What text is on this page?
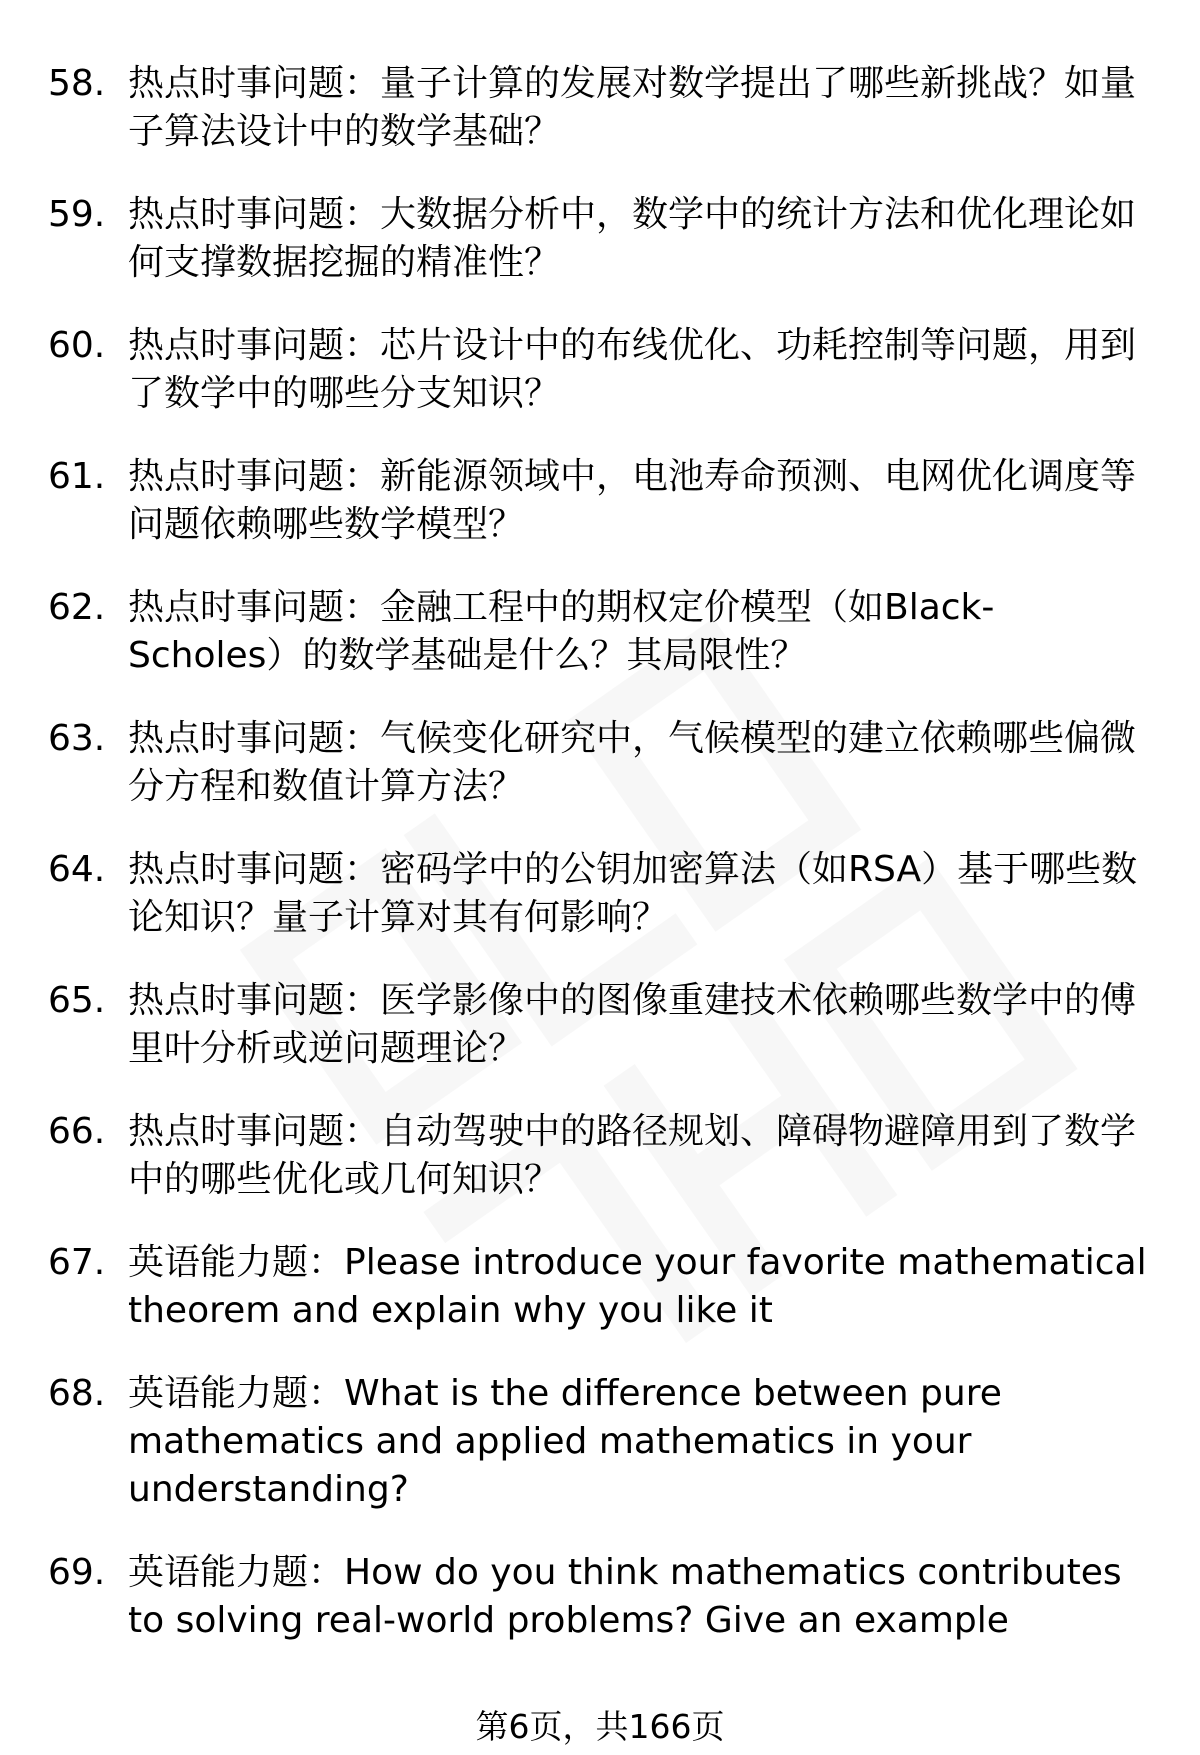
58. 热点时事问题：量子计算的发展对数学提出了哪些新挑战？如量子算法设计中的数学基础？
59. 热点时事问题：大数据分析中，数学中的统计方法和优化理论如何支撑数据挖掘的精准性？
60. 热点时事问题：芯片设计中的布线优化、功耗控制等问题，用到了数学中的哪些分支知识？
61. 热点时事问题：新能源领域中，电池寿命预测、电网优化调度等问题依赖哪些数学模型？
62. 热点时事问题：金融工程中的期权定价模型（如Black-Scholes）的数学基础是什么？其局限性？
63. 热点时事问题：气候变化研究中，气候模型的建立依赖哪些偏微分方程和数值计算方法？
64. 热点时事问题：密码学中的公钥加密算法（如RSA）基于哪些数论知识？量子计算对其有何影响？
65. 热点时事问题：医学影像中的图像重建技术依赖哪些数学中的傅里叶分析或逆问题理论？
66. 热点时事问题：自动驾驶中的路径规划、障碍物避障用到了数学中的哪些优化或几何知识？
67. 英语能力题：Please introduce your favorite mathematical theorem and explain why you like it
68. 英语能力题：What is the difference between pure mathematics and applied mathematics in your understanding?
69. 英语能力题：How do you think mathematics contributes to solving real-world problems? Give an example
第6页，共166页
